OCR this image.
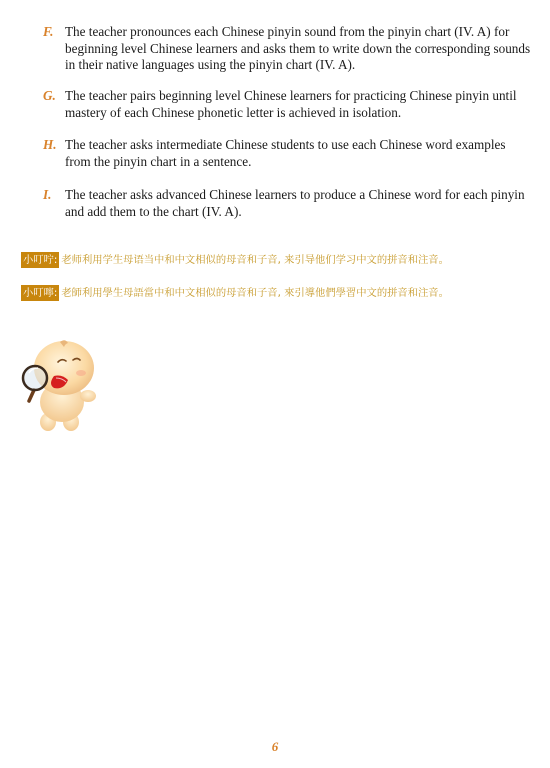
F. The teacher pronounces each Chinese pinyin sound from the pinyin chart (IV. A) for beginning level Chinese learners and asks them to write down the corresponding sounds in their native languages using the pinyin chart (IV. A).
G. The teacher pairs beginning level Chinese learners for practicing Chinese pinyin until mastery of each Chinese phonetic letter is achieved in isolation.
H. The teacher asks intermediate Chinese students to use each Chinese word examples from the pinyin chart in a sentence.
I. The teacher asks advanced Chinese learners to produce a Chinese word for each pinyin and add them to the chart (IV. A).
小叮咛: 老师利用学生母语当中和中文相似的母音和子音, 来引导他们学习中文的拼音和注音。
小叮嚀: 老師利用學生母語當中和中文相似的母音和子音, 來引導他們學習中文的拼音和注音。
6
